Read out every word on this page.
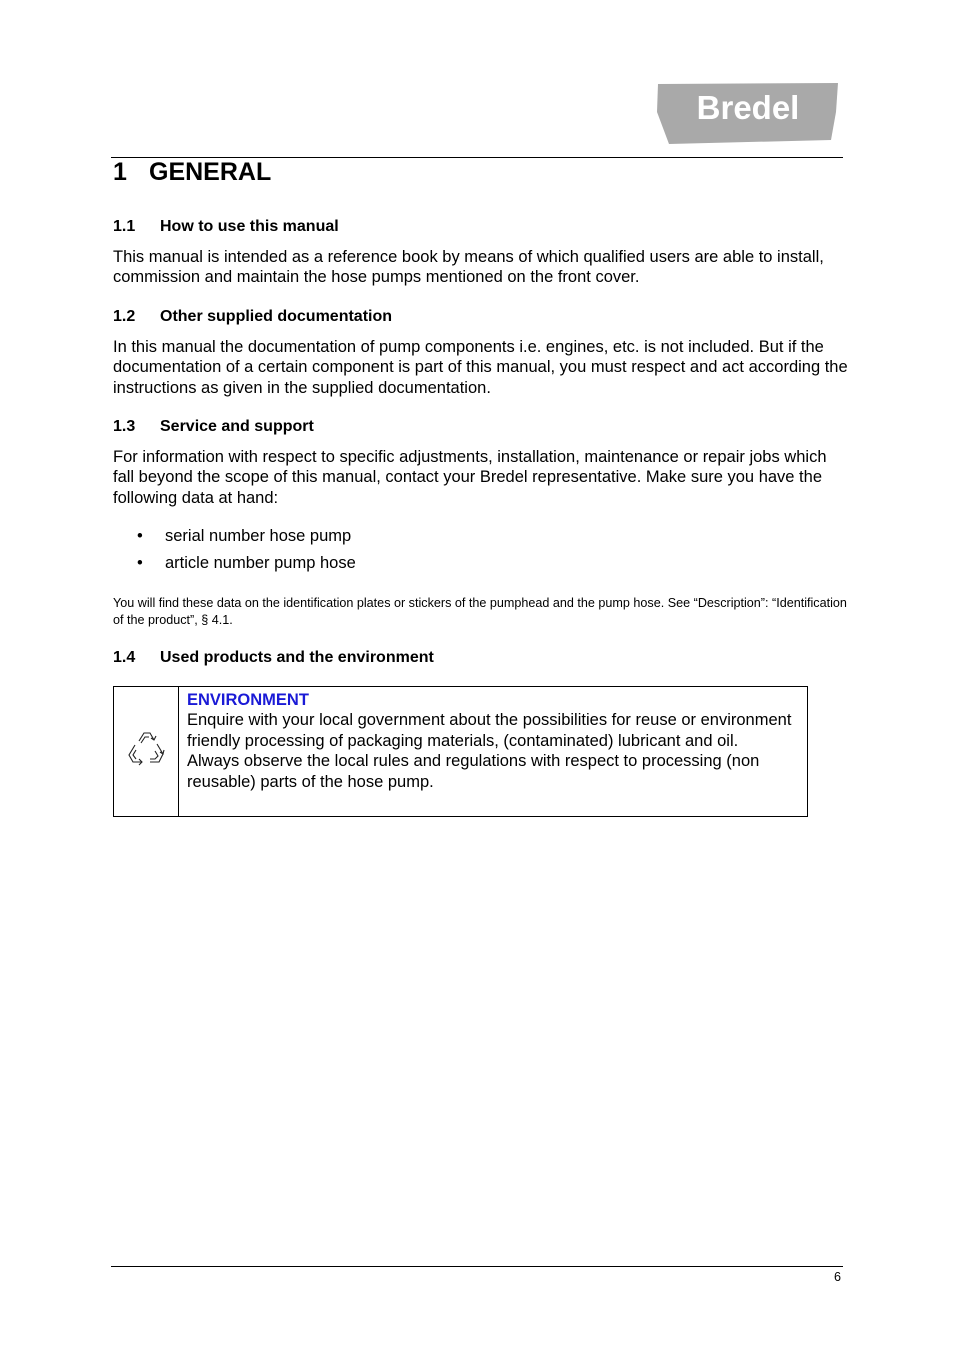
Bredel
1 GENERAL
1.1 How to use this manual

This manual is intended as a reference book by means of which qualified users are able to install, commission and maintain the hose pumps mentioned on the front cover.

1.2 Other supplied documentation

In this manual the documentation of pump components i.e. engines, etc. is not included. But if the documentation of a certain component is part of this manual, you must respect and act according the instructions as given in the supplied documentation.

1.3 Service and support

For information with respect to specific adjustments, installation, maintenance or repair jobs which fall beyond the scope of this manual, contact your Bredel representative. Make sure you have the following data at hand:

• serial number hose pump
• article number pump hose

You will find these data on the identification plates or stickers of the pumphead and the pump hose. See “Description”: “Identification of the product”, § 4.1.

1.4 Used products and the environment
ENVIRONMENT
Enquire with your local government about the possibilities for reuse or environment friendly processing of packaging materials, (contaminated) lubricant and oil.
Always observe the local rules and regulations with respect to processing (non reusable) parts of the hose pump.
6
